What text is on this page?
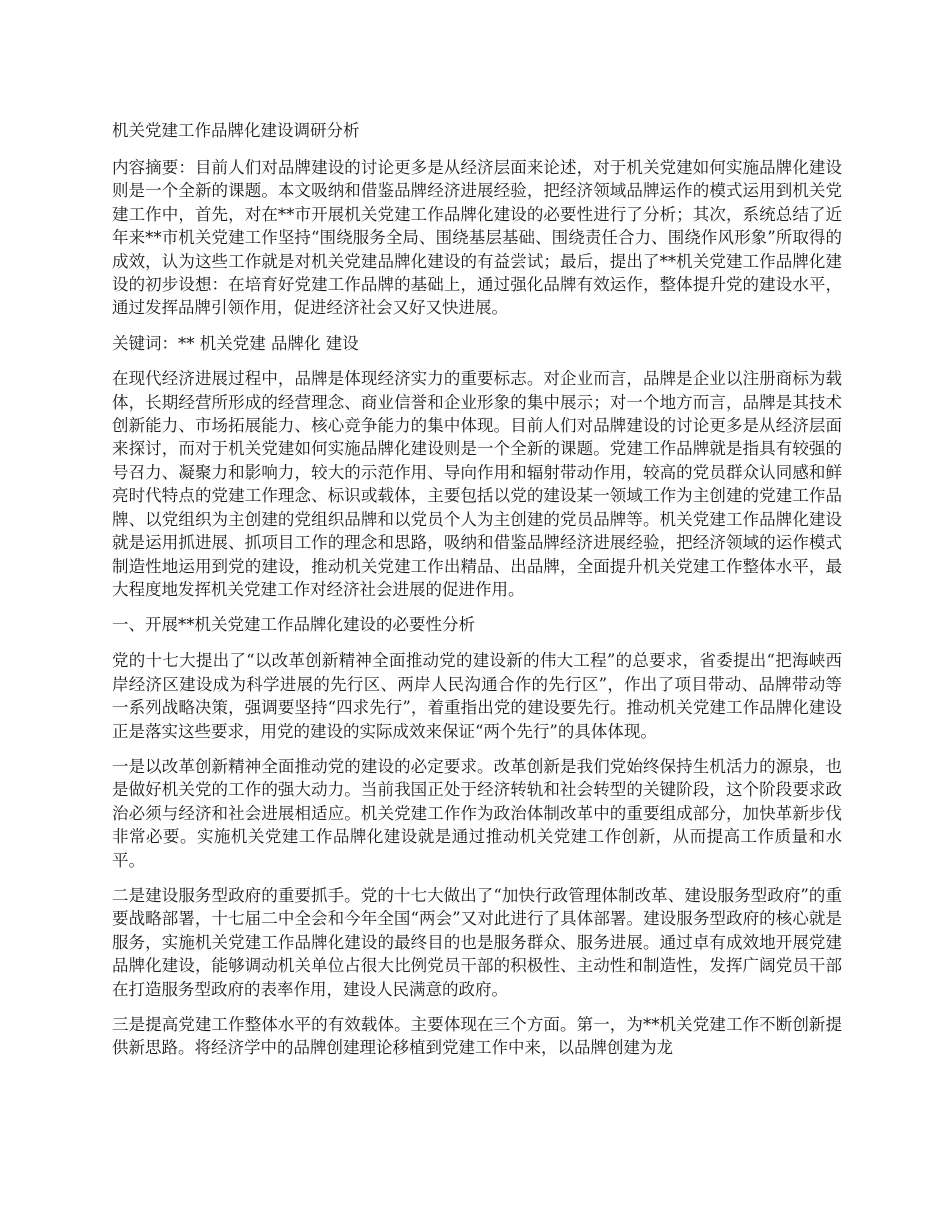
机关党建工作品牌化建设调研分析

内容摘要：目前人们对品牌建设的讨论更多是从经济层面来论述，对于机关党建如何实施品牌化建设则是一个全新的课题。本文吸纳和借鉴品牌经济进展经验，把经济领域品牌运作的模式运用到机关党建工作中，首先，对在**市开展机关党建工作品牌化建设的必要性进行了分析；其次，系统总结了近年来**市机关党建工作坚持“围绕服务全局、围绕基层基础、围绕责任合力、围绕作风形象”所取得的成效，认为这些工作就是对机关党建品牌化建设的有益尝试；最后，提出了**机关党建工作品牌化建设的初步设想：在培育好党建工作品牌的基础上，通过强化品牌有效运作，整体提升党的建设水平，通过发挥品牌引领作用，促进经济社会又好又快进展。

关键词：** 机关党建 品牌化 建设

在现代经济进展过程中，品牌是体现经济实力的重要标志。对企业而言，品牌是企业以注册商标为载体，长期经营所形成的经营理念、商业信誉和企业形象的集中展示；对一个地方而言，品牌是其技术创新能力、市场拓展能力、核心竞争能力的集中体现。目前人们对品牌建设的讨论更多是从经济层面来探讨，而对于机关党建如何实施品牌化建设则是一个全新的课题。党建工作品牌就是指具有较强的号召力、凝聚力和影响力，较大的示范作用、导向作用和辐射带动作用，较高的党员群众认同感和鲜亮时代特点的党建工作理念、标识或载体，主要包括以党的建设某一领域工作为主创建的党建工作品牌、以党组织为主创建的党组织品牌和以党员个人为主创建的党员品牌等。机关党建工作品牌化建设就是运用抓进展、抓项目工作的理念和思路，吸纳和借鉴品牌经济进展经验，把经济领域的运作模式制造性地运用到党的建设，推动机关党建工作出精品、出品牌，全面提升机关党建工作整体水平，最大程度地发挥机关党建工作对经济社会进展的促进作用。

一、开展**机关党建工作品牌化建设的必要性分析

党的十七大提出了“以改革创新精神全面推动党的建设新的伟大工程”的总要求，省委提出“把海峡西岸经济区建设成为科学进展的先行区、两岸人民沟通合作的先行区”，作出了项目带动、品牌带动等一系列战略决策，强调要坚持“四求先行”，着重指出党的建设要先行。推动机关党建工作品牌化建设正是落实这些要求，用党的建设的实际成效来保证“两个先行”的具体体现。

一是以改革创新精神全面推动党的建设的必定要求。改革创新是我们党始终保持生机活力的源泉，也是做好机关党的工作的强大动力。当前我国正处于经济转轨和社会转型的关键阶段，这个阶段要求政治必须与经济和社会进展相适应。机关党建工作作为政治体制改革中的重要组成部分，加快革新步伐非常必要。实施机关党建工作品牌化建设就是通过推动机关党建工作创新，从而提高工作质量和水平。

二是建设服务型政府的重要抓手。党的十七大做出了“加快行政管理体制改革、建设服务型政府”的重要战略部署，十七届二中全会和今年全国“两会”又对此进行了具体部署。建设服务型政府的核心就是服务，实施机关党建工作品牌化建设的最终目的也是服务群众、服务进展。通过卓有成效地开展党建品牌化建设，能够调动机关单位占很大比例党员干部的积极性、主动性和制造性，发挥广阔党员干部在打造服务型政府的表率作用，建设人民满意的政府。

三是提高党建工作整体水平的有效载体。主要体现在三个方面。第一，为**机关党建工作不断创新提供新思路。将经济学中的品牌创建理论移植到党建工作中来，以品牌创建为龙
